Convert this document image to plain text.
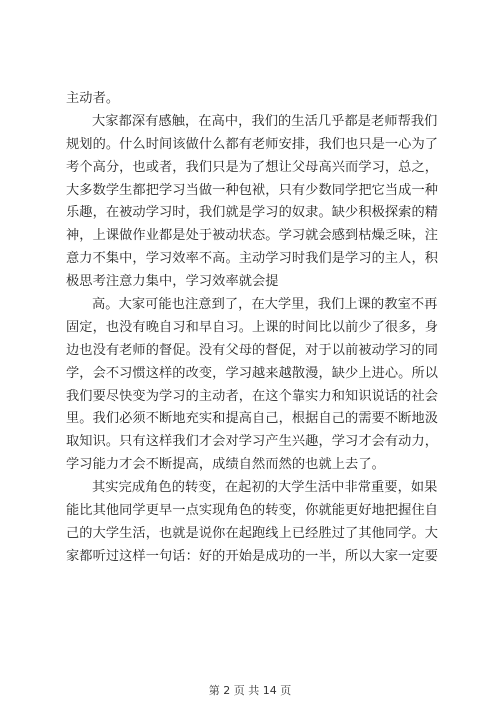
主动者。
大家都深有感触，在高中，我们的生活几乎都是老师帮我们
规划的。什么时间该做什么都有老师安排，我们也只是一心为了
考个高分，也或者，我们只是为了想让父母高兴而学习，总之，
大多数学生都把学习当做一种包袱，只有少数同学把它当成一种
乐趣，在被动学习时，我们就是学习的奴隶。缺少积极探索的精
神，上课做作业都是处于被动状态。学习就会感到枯燥乏味，注
意力不集中，学习效率不高。主动学习时我们是学习的主人，积
极思考注意力集中，学习效率就会提
高。大家可能也注意到了，在大学里，我们上课的教室不再
固定，也没有晚自习和早自习。上课的时间比以前少了很多，身
边也没有老师的督促。没有父母的督促，对于以前被动学习的同
学，会不习惯这样的改变，学习越来越散漫，缺少上进心。所以
我们要尽快变为学习的主动者，在这个靠实力和知识说话的社会
里。我们必须不断地充实和提高自己，根据自己的需要不断地汲
取知识。只有这样我们才会对学习产生兴趣，学习才会有动力，
学习能力才会不断提高，成绩自然而然的也就上去了。
其实完成角色的转变，在起初的大学生活中非常重要，如果
能比其他同学更早一点实现角色的转变，你就能更好地把握住自
己的大学生活，也就是说你在起跑线上已经胜过了其他同学。大
家都听过这样一句话：好的开始是成功的一半，所以大家一定要
第 2 页 共 14 页
